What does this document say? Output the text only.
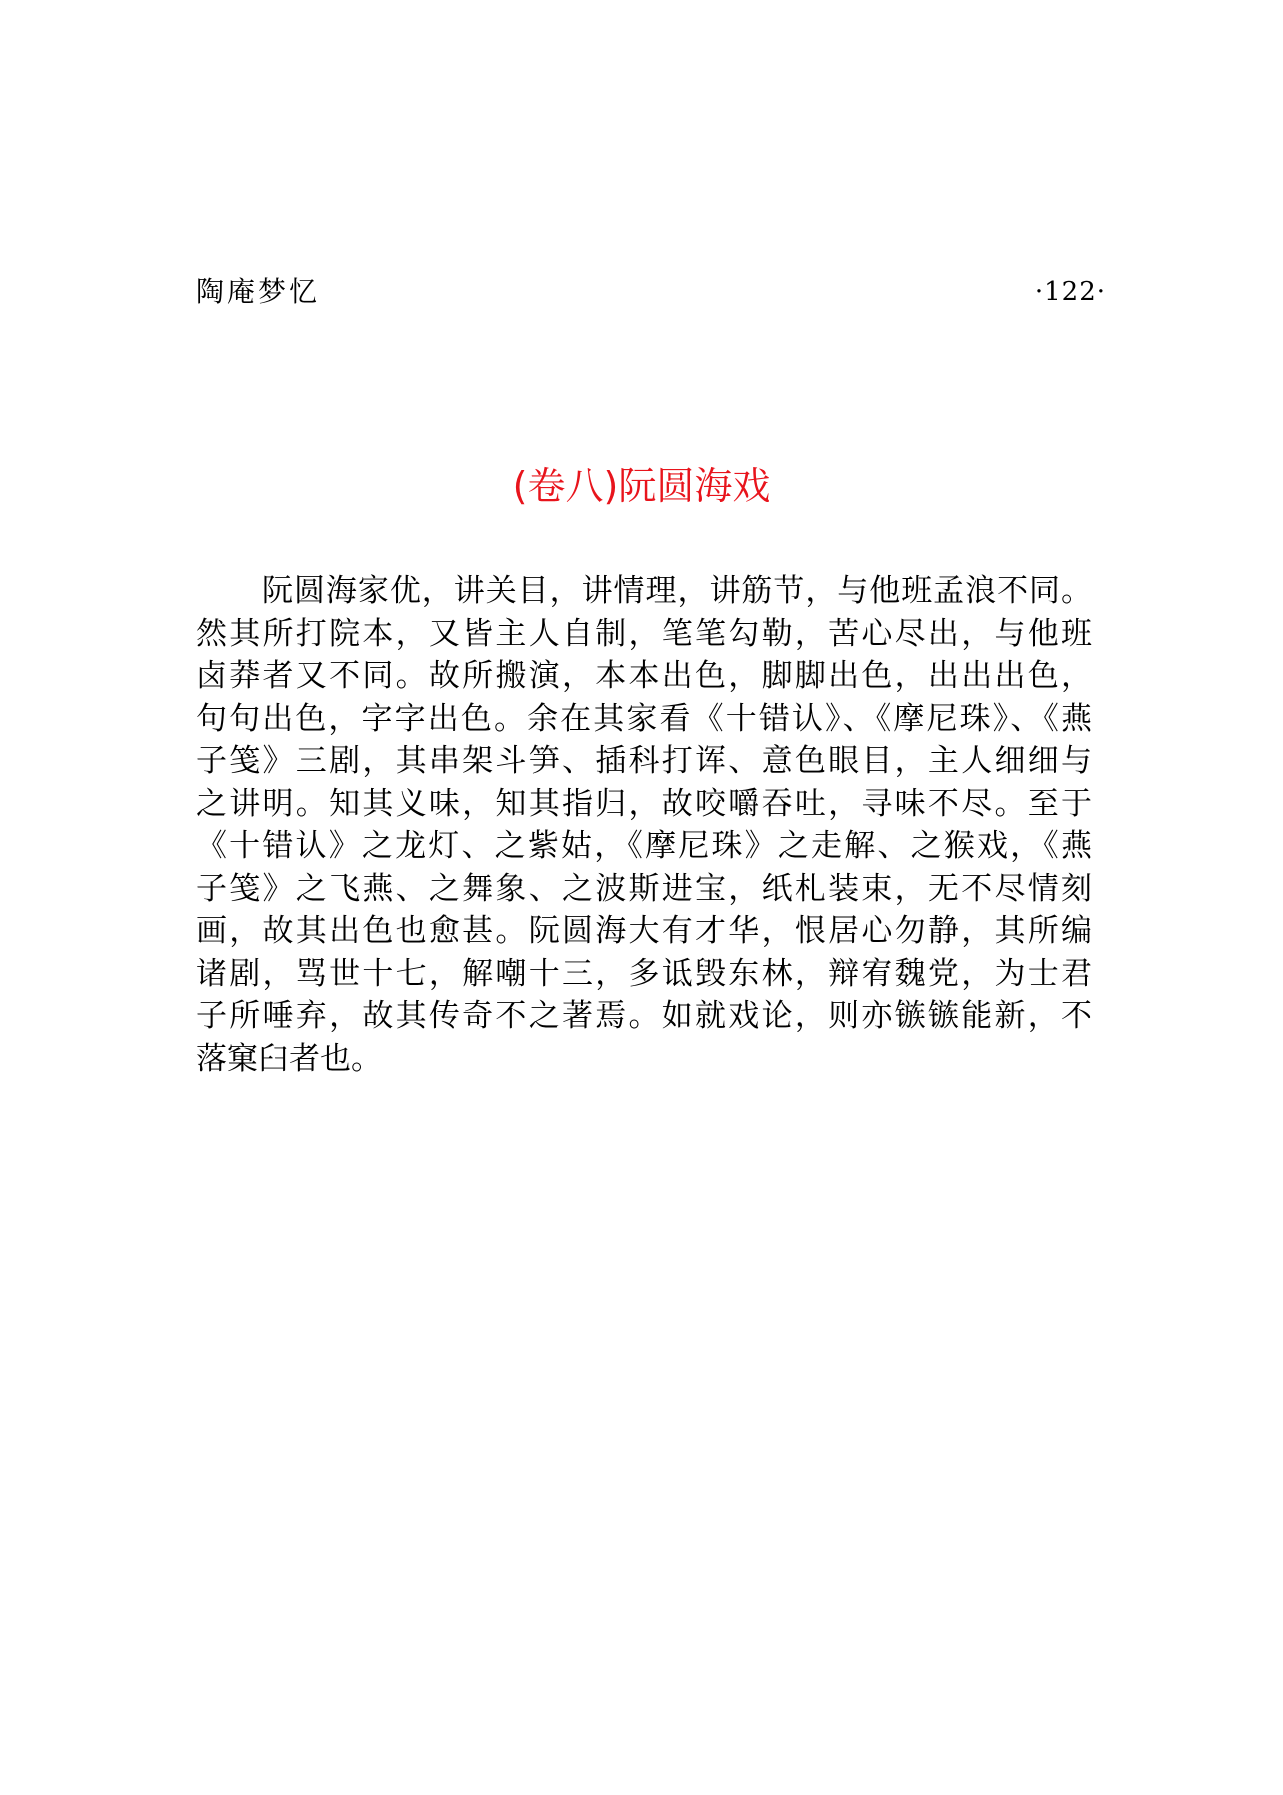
陶庵梦忆	·122·
(卷八)阮圆海戏
阮圆海家优，讲关目，讲情理，讲筋节，与他班孟浪不同。
然其所打院本，又皆主人自制，笔笔勾勒，苦心尽出，与他班
卤莽者又不同。故所搬演，本本出色，脚脚出色，出出出色，
句句出色，字字出色。余在其家看《十错认》、《摩尼珠》、《燕
子笺》三剧，其串架斗笋、插科打诨、意色眼目，主人细细与
之讲明。知其义味，知其指归，故咬嚼吞吐，寻味不尽。至于
《十错认》之龙灯、之紫姑，《摩尼珠》之走解、之猴戏，《燕
子笺》之飞燕、之舞象、之波斯进宝，纸札装束，无不尽情刻
画，故其出色也愈甚。阮圆海大有才华，恨居心勿静，其所编
诸剧，骂世十七，解嘲十三，多诋毁东林，辩宥魏党，为士君
子所唾弃，故其传奇不之著焉。如就戏论，则亦镞镞能新，不
落窠臼者也。
